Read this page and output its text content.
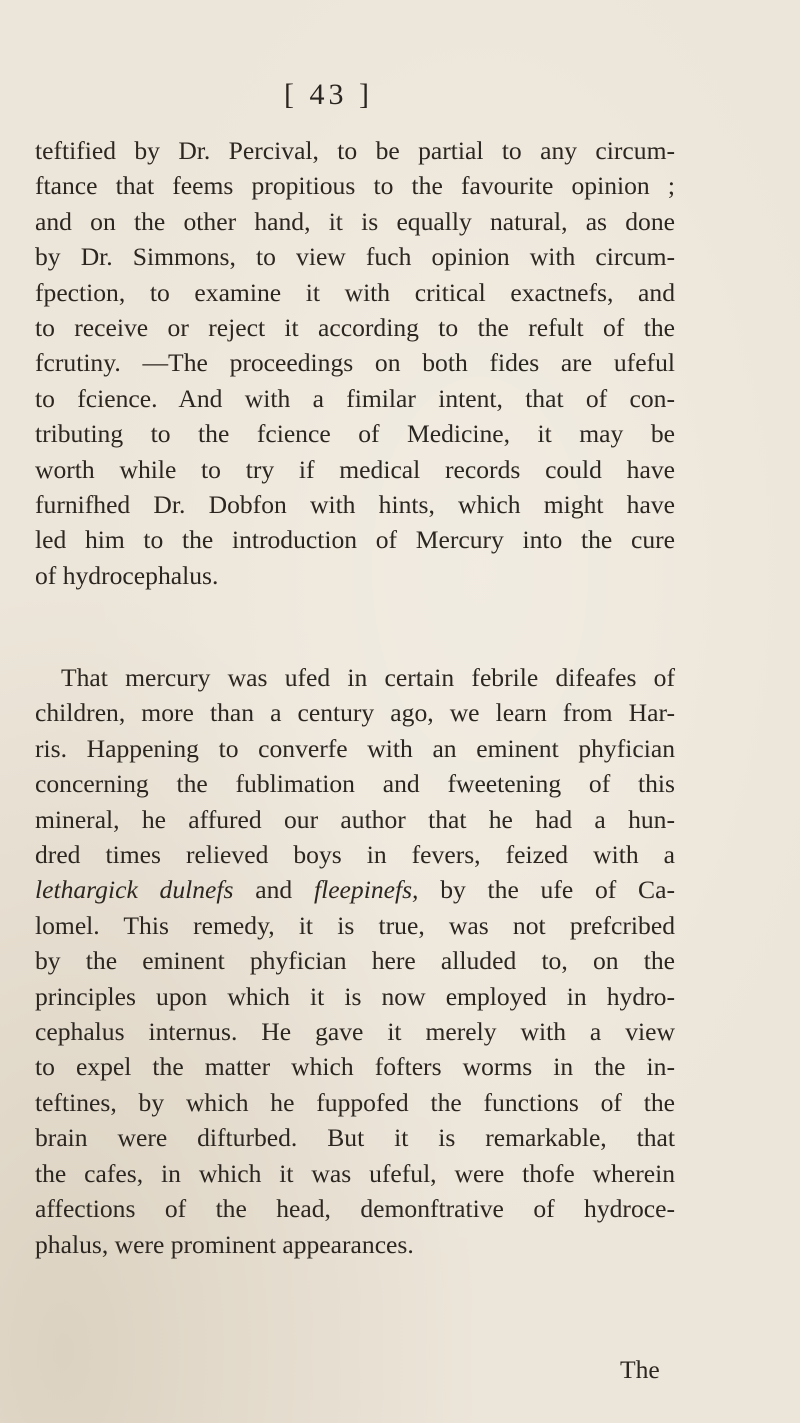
[ 43 ]
teftified by Dr. Percival, to be partial to any circum-
ftance that feems propitious to the favourite opinion ;
and on the other hand, it is equally natural, as done
by Dr. Simmons, to view fuch opinion with circum-
fpection, to examine it with critical exactnefs, and
to receive or reject it according to the refult of the
fcrutiny. —The proceedings on both fides are ufeful
to fcience. And with a fimilar intent, that of con-
tributing to the fcience of Medicine, it may be
worth while to try if medical records could have
furnifhed Dr. Dobfon with hints, which might have
led him to the introduction of Mercury into the cure
of hydrocephalus.
That mercury was ufed in certain febrile difeafes of
children, more than a century ago, we learn from Har-
ris. Happening to converfe with an eminent phyfician
concerning the fublimation and fweetening of this
mineral, he affured our author that he had a hun-
dred times relieved boys in fevers, feized with a
lethargick dulnefs and fleepinefs, by the ufe of Ca-
lomel. This remedy, it is true, was not prefcribed
by the eminent phyfician here alluded to, on the
principles upon which it is now employed in hydro-
cephalus internus. He gave it merely with a view
to expel the matter which fofters worms in the in-
teftines, by which he fuppofed the functions of the
brain were difturbed. But it is remarkable, that
the cafes, in which it was ufeful, were thofe wherein
affections of the head, demonftrative of hydroce-
phalus, were prominent appearances.
The
